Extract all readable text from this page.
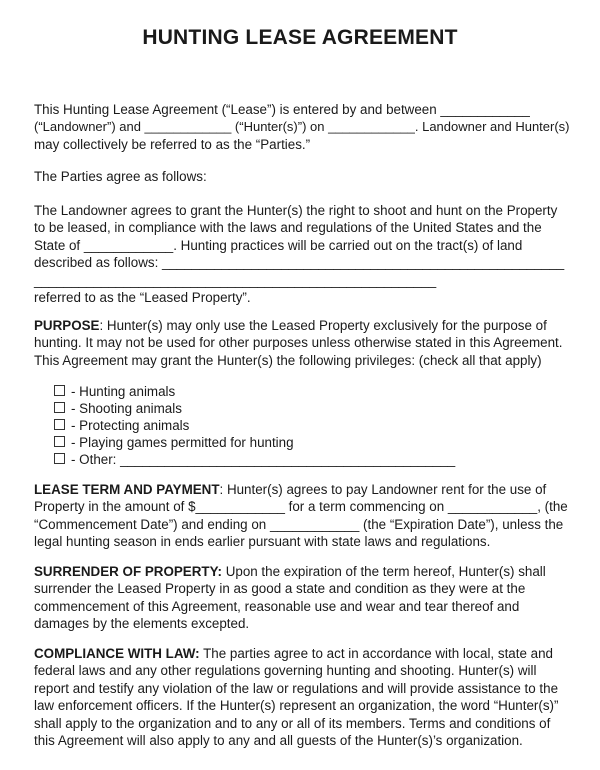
HUNTING LEASE AGREEMENT
This Hunting Lease Agreement (“Lease”) is entered by and between ____________
(“Landowner”) and ____________ (“Hunter(s)”) on ____________. Landowner and Hunter(s)
may collectively be referred to as the “Parties.”
The Parties agree as follows:
The Landowner agrees to grant the Hunter(s) the right to shoot and hunt on the Property
to be leased, in compliance with the laws and regulations of the United States and the
State of ____________. Hunting practices will be carried out on the tract(s) of land
described as follows: ______________________________________________________
______________________________________________________
referred to as the “Leased Property”.
PURPOSE: Hunter(s) may only use the Leased Property exclusively for the purpose of
hunting. It may not be used for other purposes unless otherwise stated in this Agreement.
This Agreement may grant the Hunter(s) the following privileges: (check all that apply)
- Hunting animals
- Shooting animals
- Protecting animals
- Playing games permitted for hunting
- Other: _____________________________________________
LEASE TERM AND PAYMENT: Hunter(s) agrees to pay Landowner rent for the use of
Property in the amount of $____________ for a term commencing on ____________, (the
“Commencement Date”) and ending on ____________ (the “Expiration Date”), unless the
legal hunting season in ends earlier pursuant with state laws and regulations.
SURRENDER OF PROPERTY: Upon the expiration of the term hereof, Hunter(s) shall
surrender the Leased Property in as good a state and condition as they were at the
commencement of this Agreement, reasonable use and wear and tear thereof and
damages by the elements excepted.
COMPLIANCE WITH LAW: The parties agree to act in accordance with local, state and
federal laws and any other regulations governing hunting and shooting. Hunter(s) will
report and testify any violation of the law or regulations and will provide assistance to the
law enforcement officers. If the Hunter(s) represent an organization, the word “Hunter(s)”
shall apply to the organization and to any or all of its members. Terms and conditions of
this Agreement will also apply to any and all guests of the Hunter(s)’s organization.
